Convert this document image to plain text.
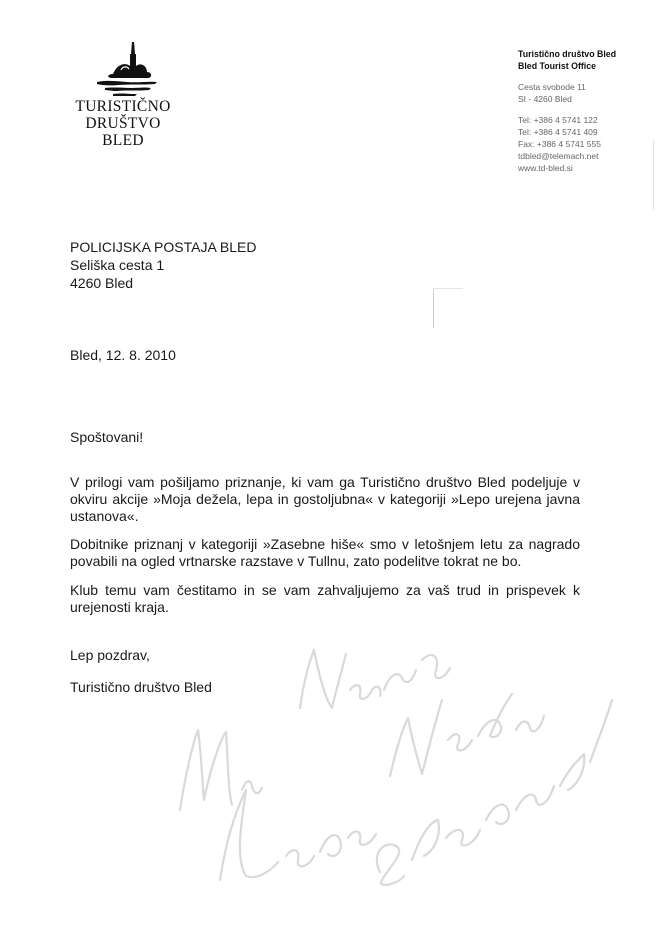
TURISTIČNO
DRUŠTVO
BLED
Turistično društvo Bled
Bled Tourist Office
Cesta svobode 11
SI - 4260 Bled
Tel: +386 4 5741 122
Tel: +386 4 5741 409
Fax: +386 4 5741 555
tdbled@telemach.net
www.td-bled.si
POLICIJSKA POSTAJA BLED
Seliška cesta 1
4260 Bled
Bled, 12. 8. 2010
Spoštovani!
V prilogi vam pošiljamo priznanje, ki vam ga Turistično društvo Bled podeljuje v okviru akcije »Moja dežela, lepa in gostoljubna« v kategoriji »Lepo urejena javna ustanova«.
Dobitnike priznanj v kategoriji »Zasebne hiše« smo v letošnjem letu za nagrado povabili na ogled vrtnarske razstave v Tullnu, zato podelitve tokrat ne bo.
Klub temu vam čestitamo in se vam zahvaljujemo za vaš trud in prispevek k urejenosti kraja.
Lep pozdrav,
Turistično društvo Bled
